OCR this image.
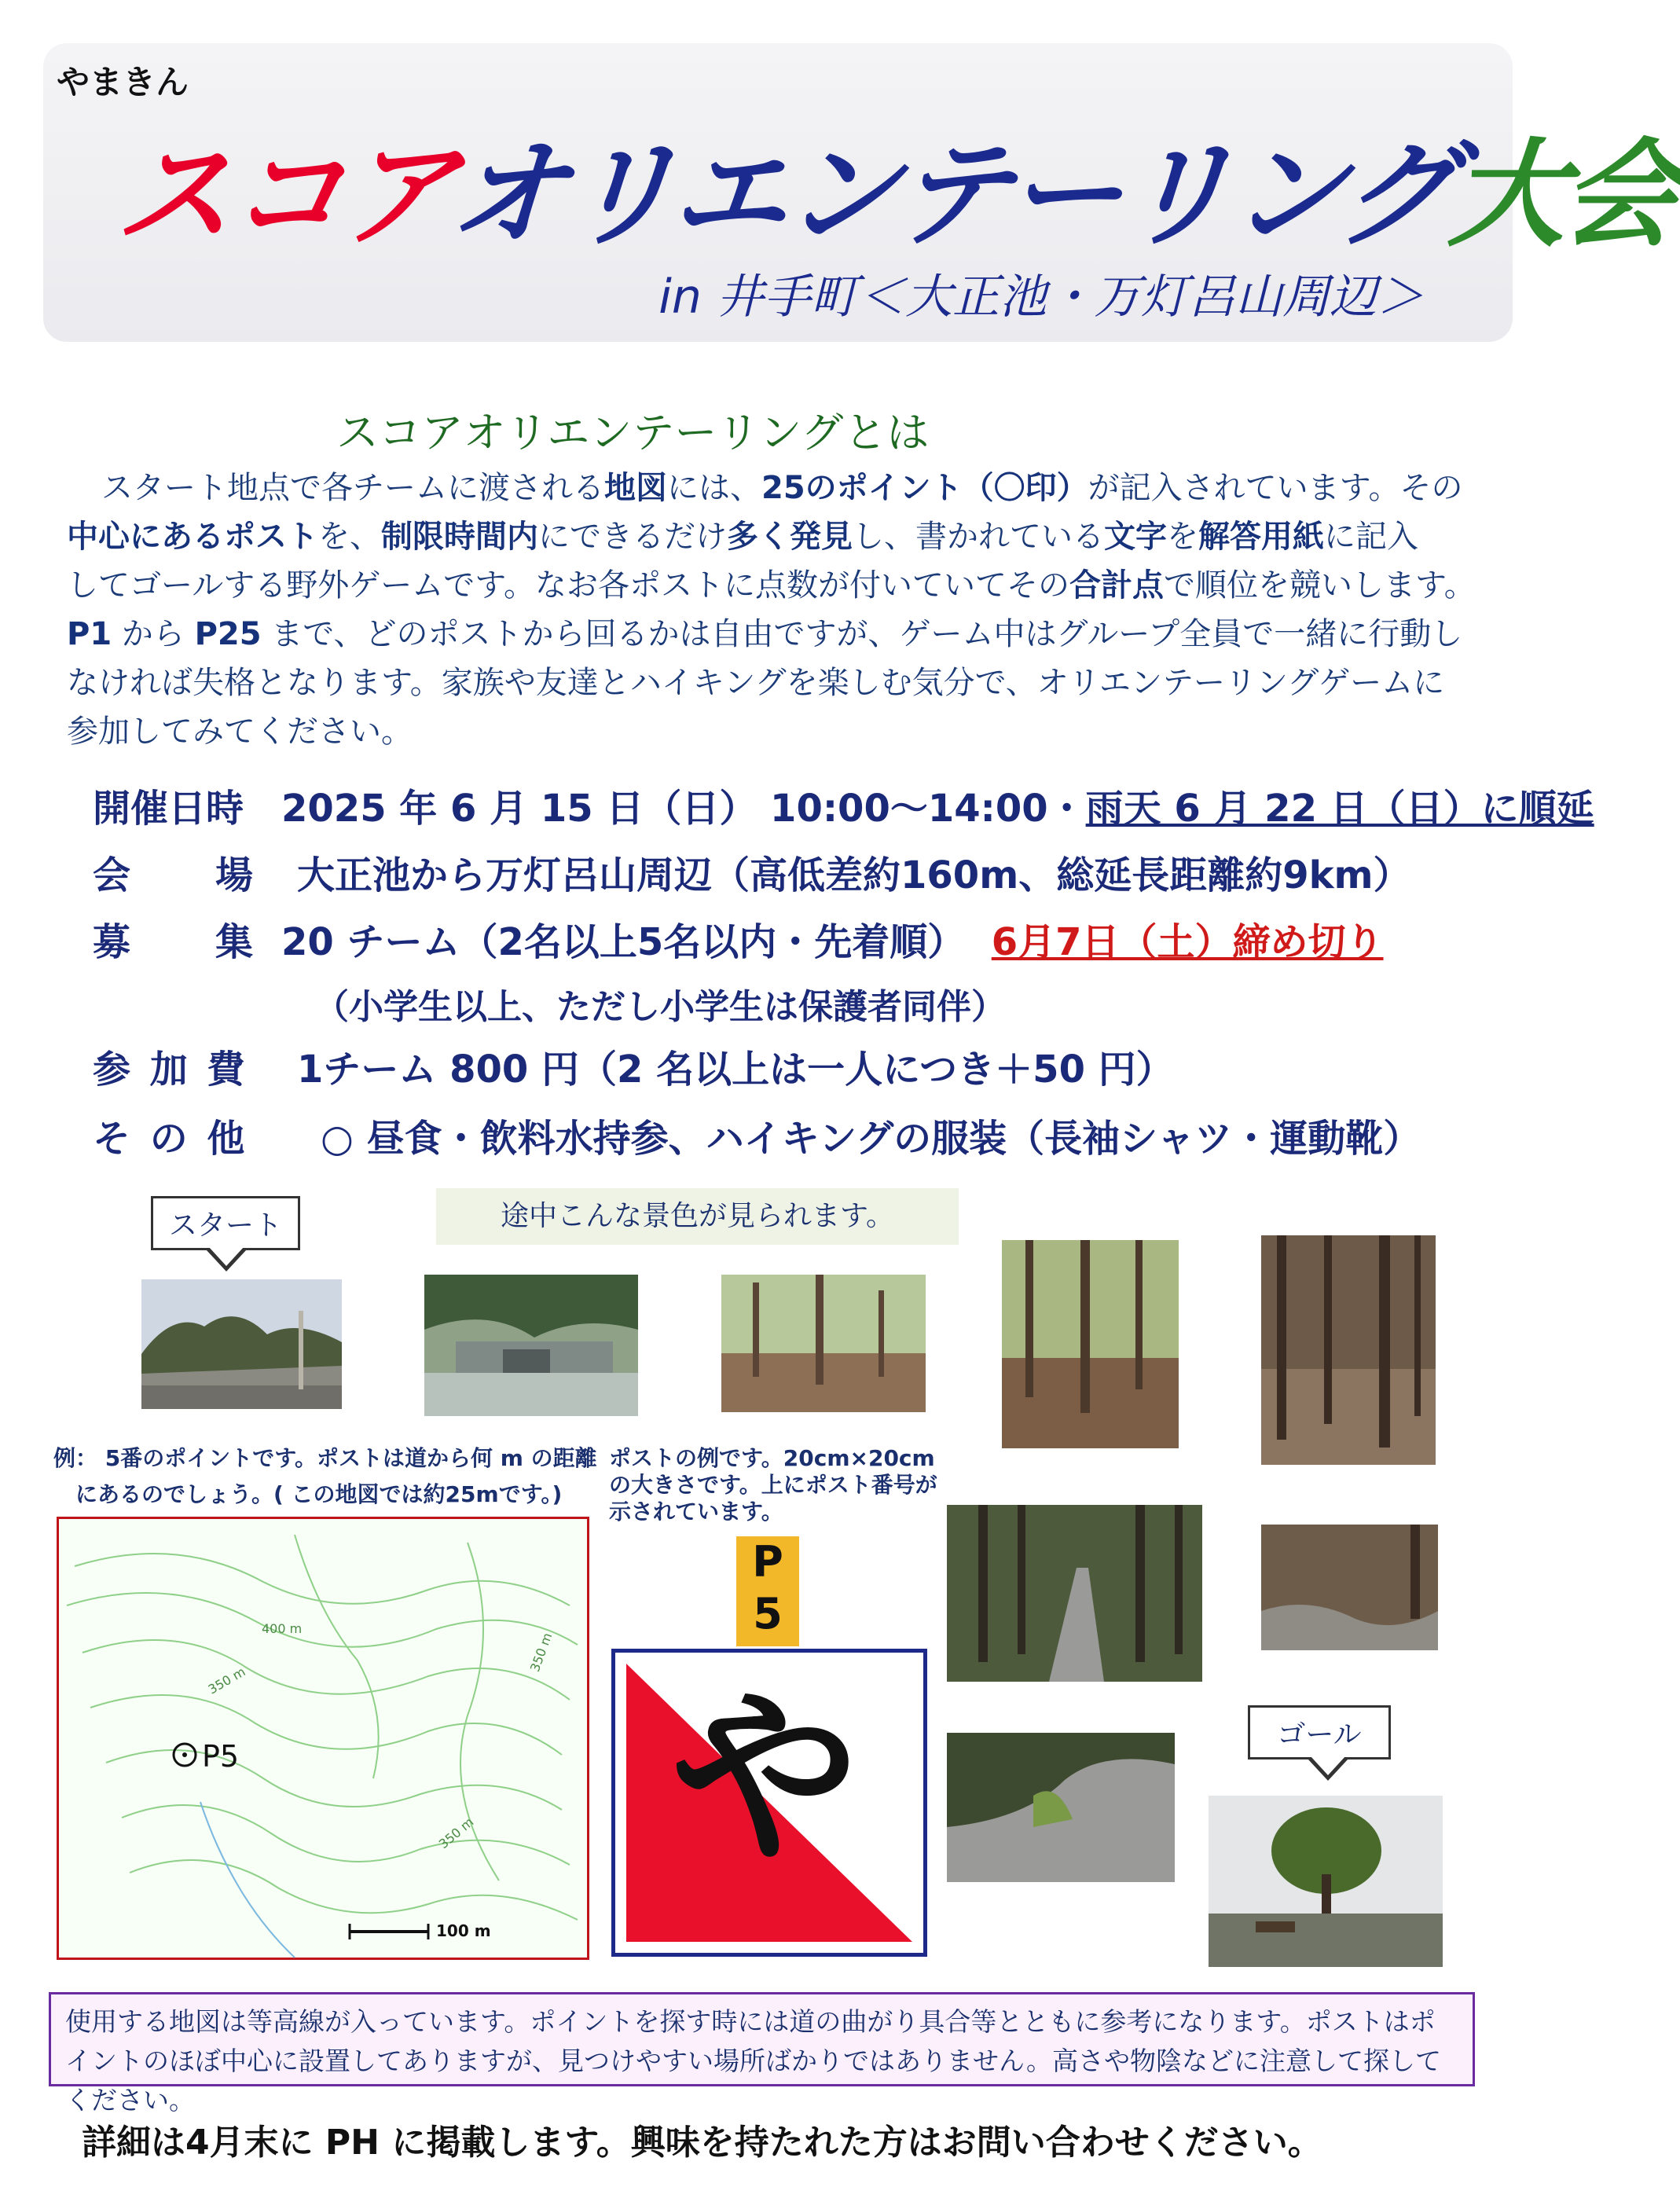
やまきん
スコアオリエンテーリング大会
in 井手町＜大正池・万灯呂山周辺＞
スコアオリエンテーリングとは
スタート地点で各チームに渡される地図には、25のポイント（〇印）が記入されています。その
中心にあるポストを、制限時間内にできるだけ多く発見し、書かれている文字を解答用紙に記入
してゴールする野外ゲームです。なお各ポストに点数が付いていてその合計点で順位を競いします。
P1 から P25 まで、どのポストから回るかは自由ですが、ゲーム中はグループ全員で一緒に行動し
なければ失格となります。家族や友達とハイキングを楽しむ気分で、オリエンテーリングゲームに
参加してみてください。
開催日時 2025 年 6 月 15 日（日） 10:00～14:00・雨天 6 月 22 日（日）に順延
会　　場 大正池から万灯呂山周辺（高低差約160m、総延長距離約9km）
募　　集 20 チーム（2名以上5名以内・先着順） 6月7日（土）締め切り
（小学生以上、ただし小学生は保護者同伴）
参 加 費 1チーム 800 円（2 名以上は一人につき＋50 円）
そ の 他 ○ 昼食・飲料水持参、ハイキングの服装（長袖シャツ・運動靴）
スタート	途中こんな景色が見られます。
例： 5番のポイントです。ポストは道から何 m の距離
にあるのでしょう。( この地図では約25mです。)
P5
400 m
350 m
350 m
350 m
100 m
ポストの例です。20cm×20cm
の大きさです。上にポスト番号が
示されています。
P
5
や	ゴール
使用する地図は等高線が入っています。ポイントを探す時には道の曲がり具合等とともに参考になります。ポストはポイントのほぼ中心に設置してありますが、見つけやすい場所ばかりではありません。高さや物陰などに注意して探してください。
詳細は4月末に PH に掲載します。興味を持たれた方はお問い合わせください。
